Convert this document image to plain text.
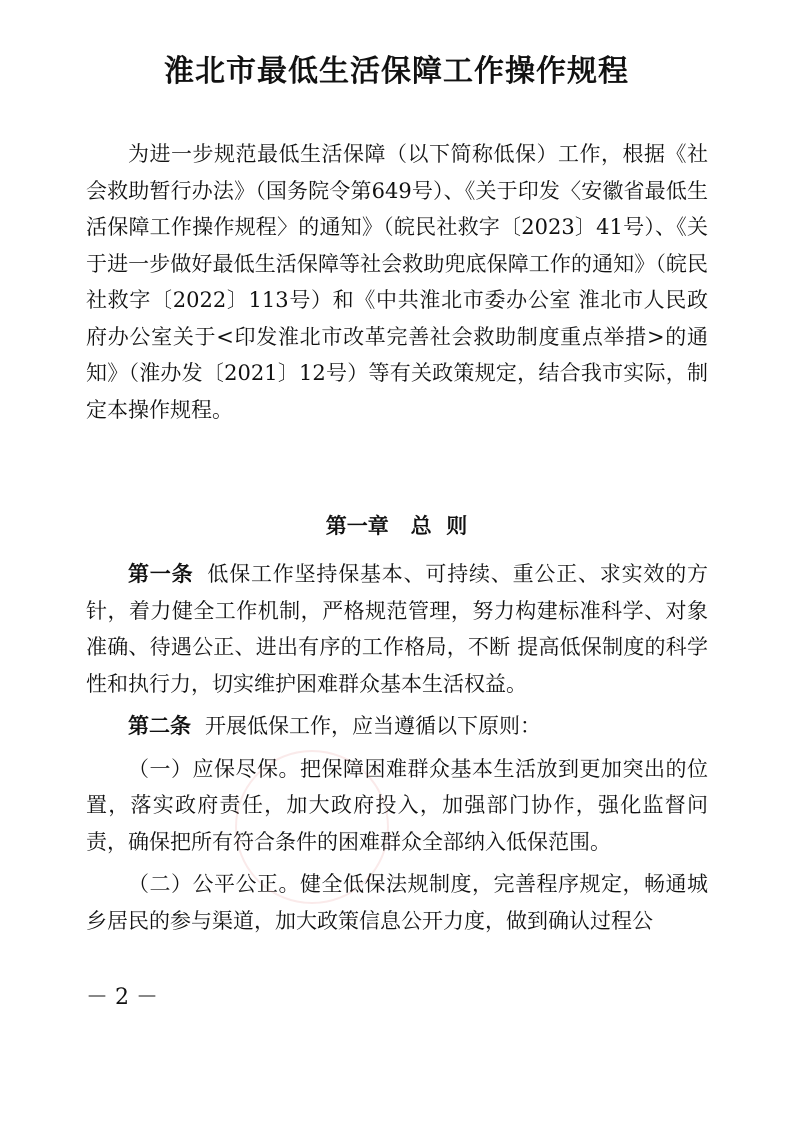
淮北市最低生活保障工作操作规程

为进一步规范最低生活保障（以下简称低保）工作，根据《社会救助暂行办法》（国务院令第649号）、《关于印发〈安徽省最低生活保障工作操作规程〉的通知》（皖民社救字〔2023〕41号）、《关于进一步做好最低生活保障等社会救助兜底保障工作的通知》（皖民社救字〔2022〕113号）和《中共淮北市委办公室 淮北市人民政府办公室关于<印发淮北市改革完善社会救助制度重点举措>的通知》（淮办发〔2021〕12号）等有关政策规定，结合我市实际，制定本操作规程。

第一章   总  则

第一条 低保工作坚持保基本、可持续、重公正、求实效的方针，着力健全工作机制，严格规范管理，努力构建标准科学、对象准确、待遇公正、进出有序的工作格局，不断 提高低保制度的科学性和执行力，切实维护困难群众基本生活权益。

第二条 开展低保工作，应当遵循以下原则：

（一）应保尽保。把保障困难群众基本生活放到更加突出的位置，落实政府责任，加大政府投入，加强部门协作，强化监督问责，确保把所有符合条件的困难群众全部纳入低保范围。

（二）公平公正。健全低保法规制度，完善程序规定，畅通城乡居民的参与渠道，加大政策信息公开力度，做到确认过程公

－ 2 －
